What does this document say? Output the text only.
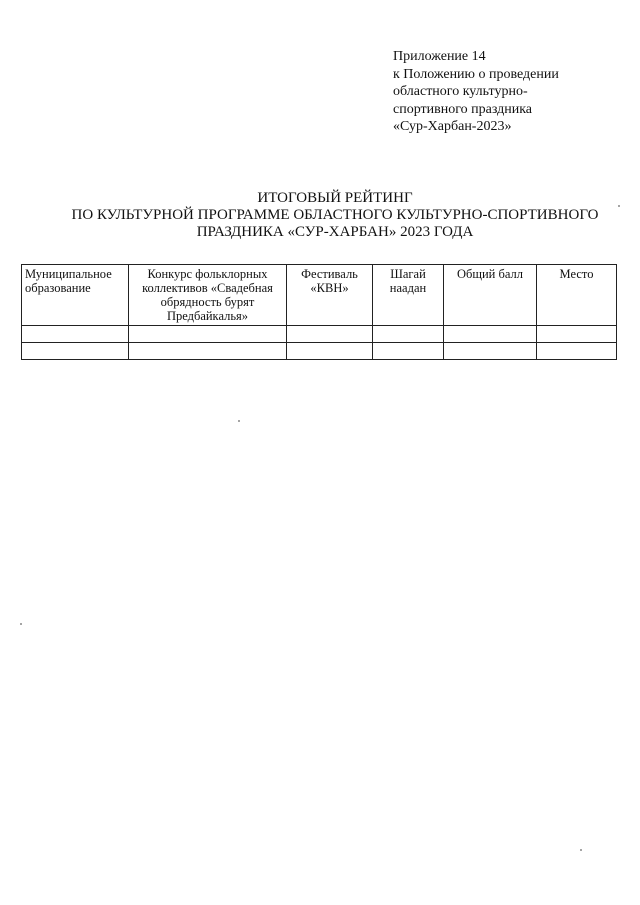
Приложение 14
к Положению о проведении
областного культурно-
спортивного праздника
«Сур-Харбан-2023»
ИТОГОВЫЙ РЕЙТИНГ
ПО КУЛЬТУРНОЙ ПРОГРАММЕ ОБЛАСТНОГО КУЛЬТУРНО-СПОРТИВНОГО
ПРАЗДНИКА «СУР-ХАРБАН» 2023 ГОДА
Муниципальное образование	Конкурс фольклорных коллективов «Свадебная обрядность бурят Предбайкалья»	Фестиваль «КВН»	Шагай наадан	Общий балл	Место
